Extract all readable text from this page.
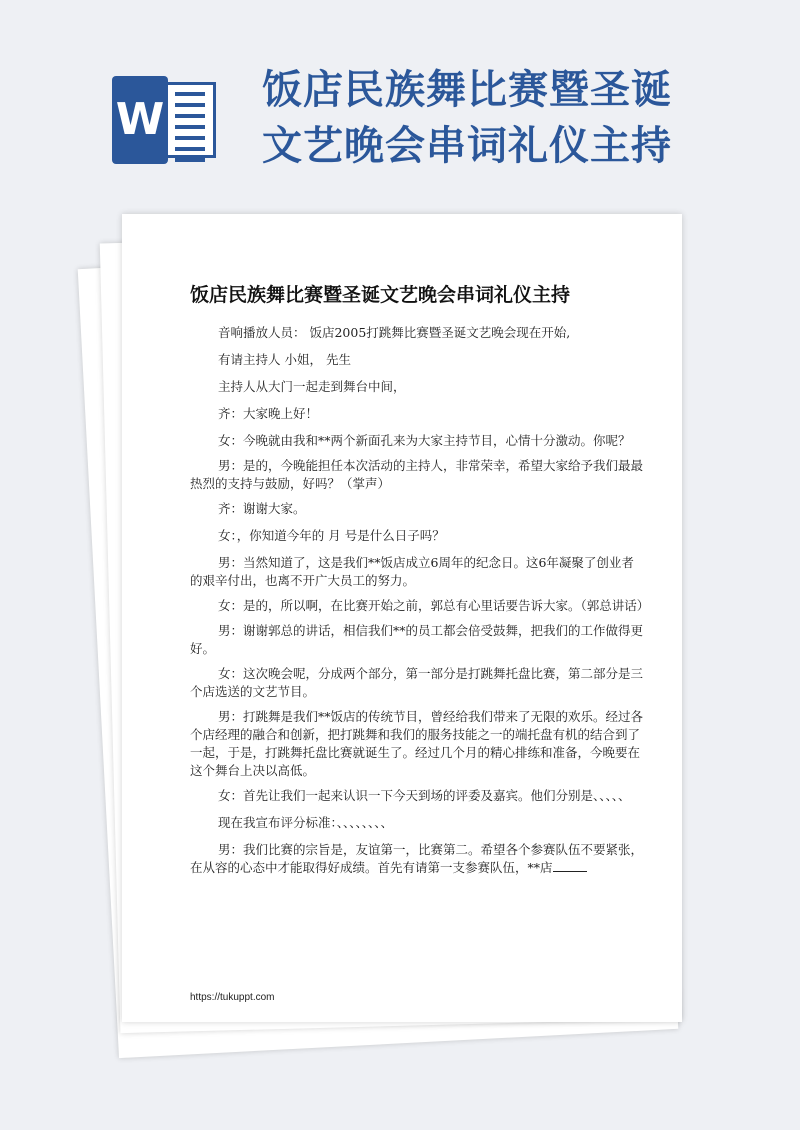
W
饭店民族舞比赛暨圣诞
文艺晚会串词礼仪主持
饭店民族舞比赛暨圣诞文艺晚会串词礼仪主持

音响播放人员： 饭店2005打跳舞比赛暨圣诞文艺晚会现在开始,

有请主持人 小姐， 先生

主持人从大门一起走到舞台中间，

齐：大家晚上好！

女：今晚就由我和**两个新面孔来为大家主持节目，心情十分激动。你呢？

男：是的，今晚能担任本次活动的主持人，非常荣幸，希望大家给予我们最最热烈的支持与鼓励，好吗？（掌声）

齐：谢谢大家。

女：，你知道今年的 月 号是什么日子吗？

男：当然知道了，这是我们**饭店成立6周年的纪念日。这6年凝聚了创业者的艰辛付出，也离不开广大员工的努力。

女：是的，所以啊，在比赛开始之前，郭总有心里话要告诉大家。（郭总讲话）

男：谢谢郭总的讲话，相信我们**的员工都会倍受鼓舞，把我们的工作做得更好。

女：这次晚会呢，分成两个部分，第一部分是打跳舞托盘比赛，第二部分是三个店选送的文艺节目。

男：打跳舞是我们**饭店的传统节目，曾经给我们带来了无限的欢乐。经过各个店经理的融合和创新，把打跳舞和我们的服务技能之一的端托盘有机的结合到了一起，于是，打跳舞托盘比赛就诞生了。经过几个月的精心排练和准备，今晚要在这个舞台上决以高低。

女：首先让我们一起来认识一下今天到场的评委及嘉宾。他们分别是、、、、、

现在我宣布评分标准：、、、、、、、、

男：我们比赛的宗旨是，友谊第一，比赛第二。希望各个参赛队伍不要紧张，在从容的心态中才能取得好成绩。首先有请第一支参赛队伍，**店

https://tukuppt.com
